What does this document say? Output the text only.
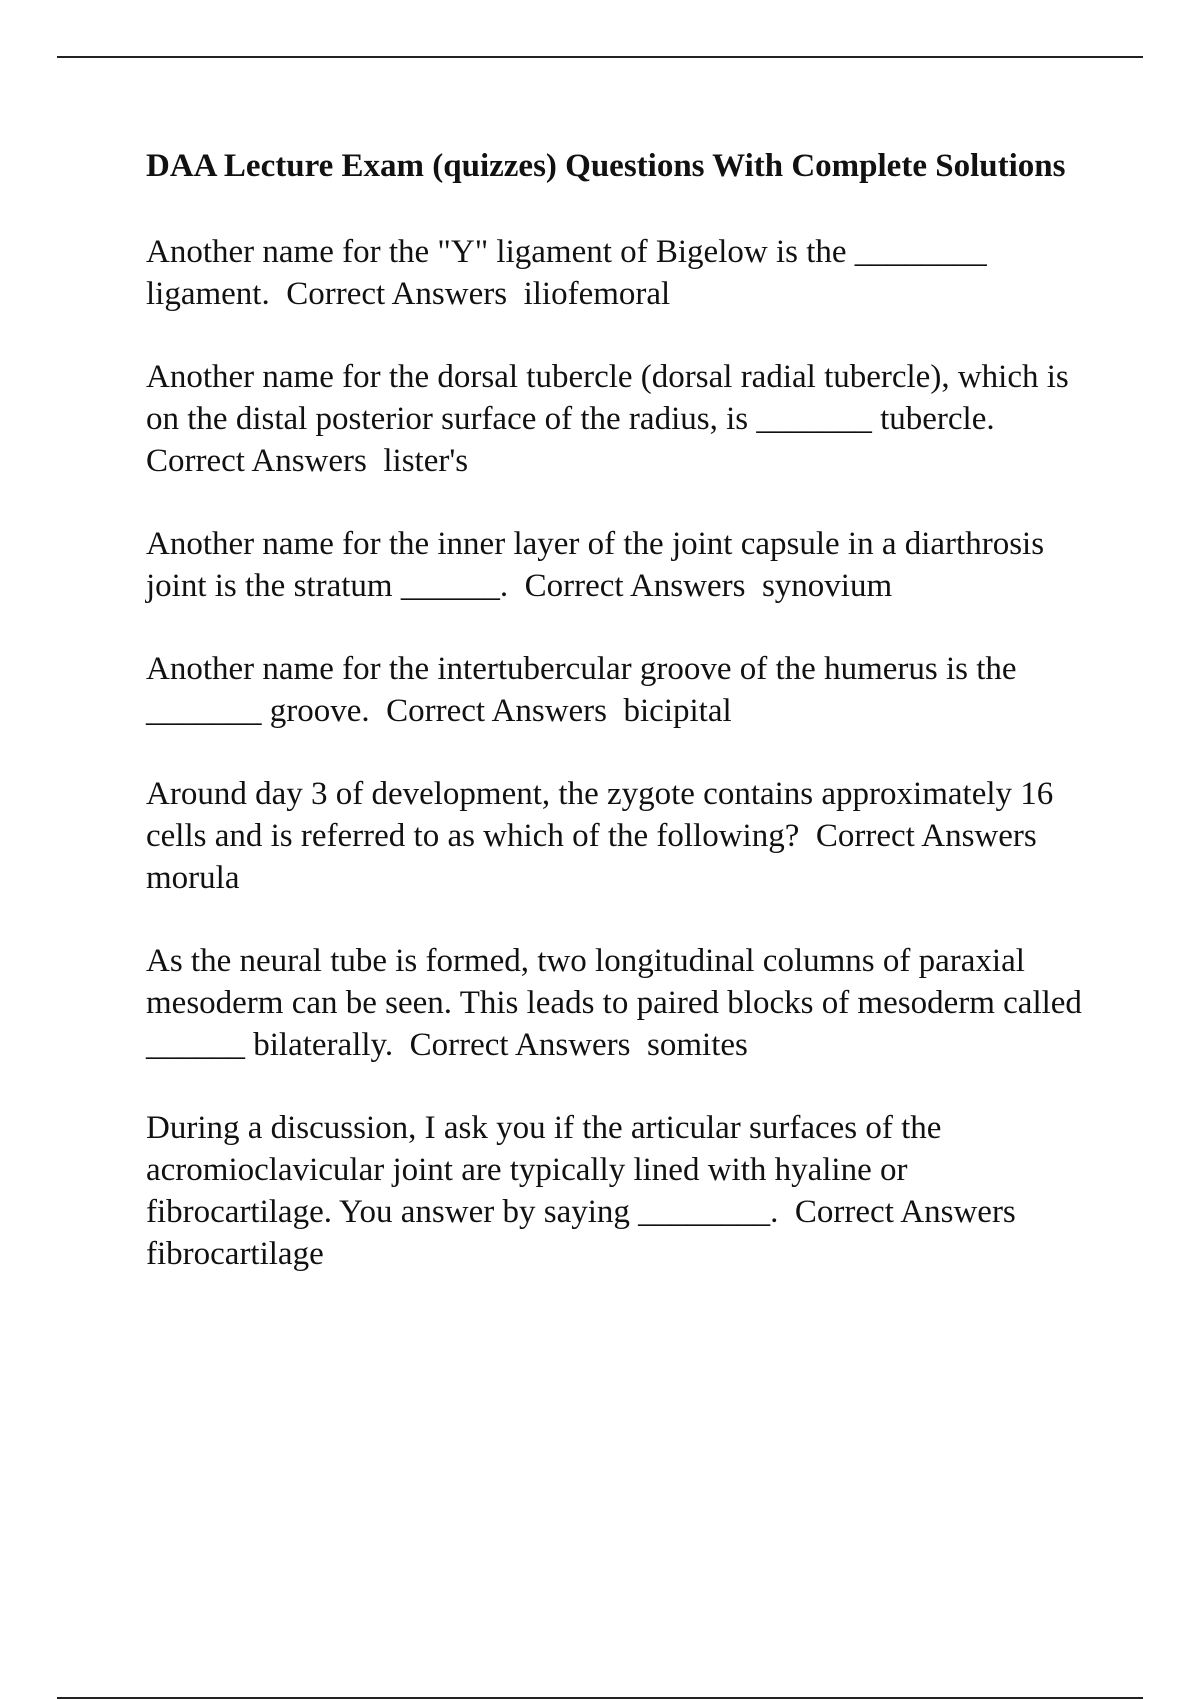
DAA Lecture Exam (quizzes) Questions With Complete Solutions

Another name for the "Y" ligament of Bigelow is the ________ ligament. Correct Answers iliofemoral

Another name for the dorsal tubercle (dorsal radial tubercle), which is on the distal posterior surface of the radius, is _______ tubercle.  Correct Answers lister's

Another name for the inner layer of the joint capsule in a diarthrosis joint is the stratum ______. Correct Answers synovium

Another name for the intertubercular groove of the humerus is the _______ groove. Correct Answers bicipital

Around day 3 of development, the zygote contains approximately 16 cells and is referred to as which of the following? Correct Answers  morula

As the neural tube is formed, two longitudinal columns of paraxial mesoderm can be seen. This leads to paired blocks of mesoderm called ______ bilaterally. Correct Answers somites

During a discussion, I ask you if the articular surfaces of the acromioclavicular joint are typically lined with hyaline or fibrocartilage. You answer by saying ________. Correct Answers  fibrocartilage
